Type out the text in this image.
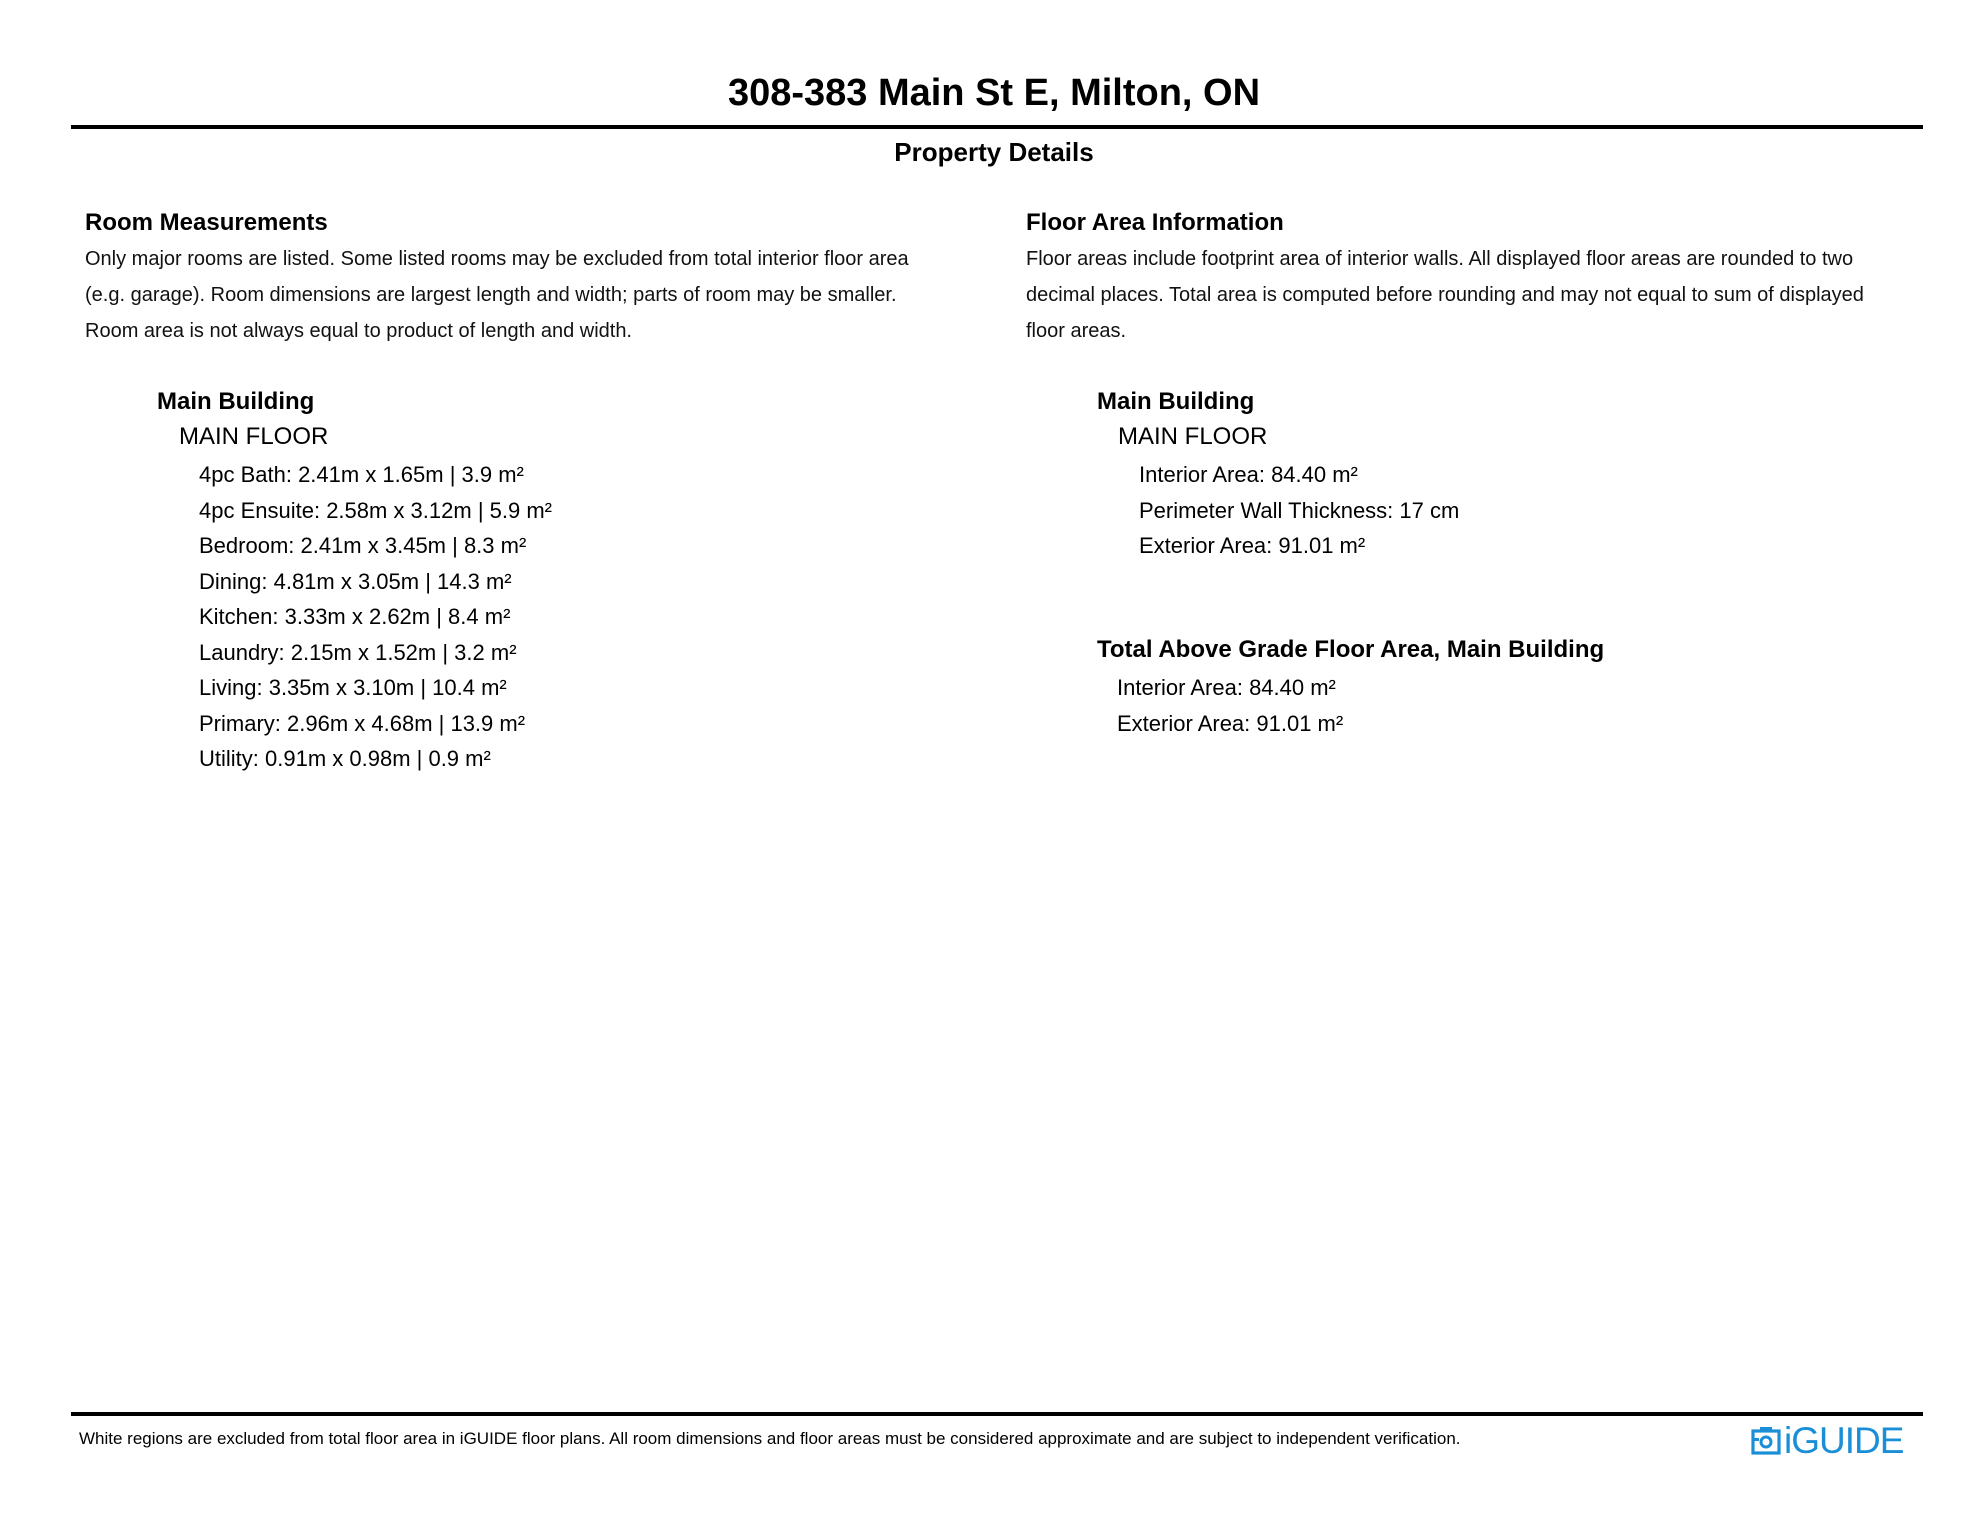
308-383 Main St E, Milton, ON
Property Details
Room Measurements
Only major rooms are listed. Some listed rooms may be excluded from total interior floor area
(e.g. garage). Room dimensions are largest length and width; parts of room may be smaller.
Room area is not always equal to product of length and width.
Main Building
MAIN FLOOR
4pc Bath: 2.41m x 1.65m | 3.9 m²
4pc Ensuite: 2.58m x 3.12m | 5.9 m²
Bedroom: 2.41m x 3.45m | 8.3 m²
Dining: 4.81m x 3.05m | 14.3 m²
Kitchen: 3.33m x 2.62m | 8.4 m²
Laundry: 2.15m x 1.52m | 3.2 m²
Living: 3.35m x 3.10m | 10.4 m²
Primary: 2.96m x 4.68m | 13.9 m²
Utility: 0.91m x 0.98m | 0.9 m²
Floor Area Information
Floor areas include footprint area of interior walls. All displayed floor areas are rounded to two
decimal places. Total area is computed before rounding and may not equal to sum of displayed
floor areas.
Main Building
MAIN FLOOR
Interior Area: 84.40 m²
Perimeter Wall Thickness: 17 cm
Exterior Area: 91.01 m²
Total Above Grade Floor Area, Main Building
Interior Area: 84.40 m²
Exterior Area: 91.01 m²
White regions are excluded from total floor area in iGUIDE floor plans. All room dimensions and floor areas must be considered approximate and are subject to independent verification.	iGUIDE
